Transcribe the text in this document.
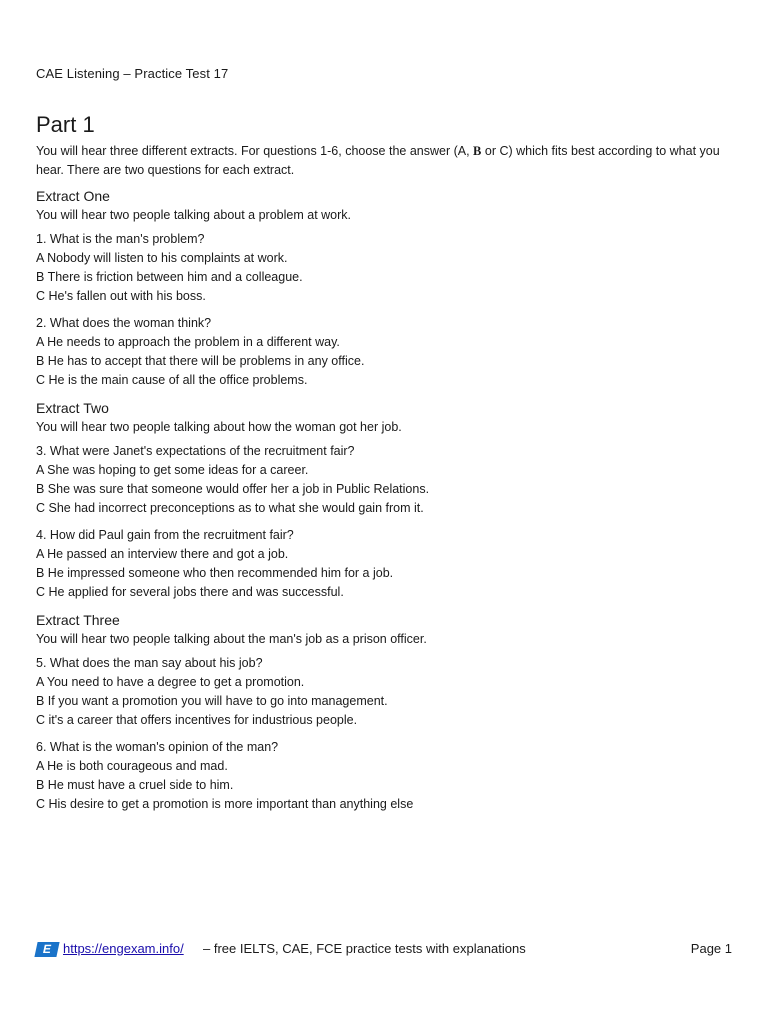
CAE Listening – Practice Test 17
Part 1
You will hear three different extracts. For questions 1-6, choose the answer (A, B or C) which fits best according to what you hear. There are two questions for each extract.
Extract One
You will hear two people talking about a problem at work.
1. What is the man's problem?
A Nobody will listen to his complaints at work.
B There is friction between him and a colleague.
C He's fallen out with his boss.
2. What does the woman think?
A He needs to approach the problem in a different way.
B He has to accept that there will be problems in any office.
C He is the main cause of all the office problems.
Extract Two
You will hear two people talking about how the woman got her job.
3. What were Janet's expectations of the recruitment fair?
A She was hoping to get some ideas for a career.
B She was sure that someone would offer her a job in Public Relations.
C She had incorrect preconceptions as to what she would gain from it.
4. How did Paul gain from the recruitment fair?
A He passed an interview there and got a job.
B He impressed someone who then recommended him for a job.
C He applied for several jobs there and was successful.
Extract Three
You will hear two people talking about the man's job as a prison officer.
5. What does the man say about his job?
A You need to have a degree to get a promotion.
B If you want a promotion you will have to go into management.
C it's a career that offers incentives for industrious people.
6. What is the woman's opinion of the man?
A He is both courageous and mad.
B He must have a cruel side to him.
C His desire to get a promotion is more important than anything else
E https://engexam.info/ – free IELTS, CAE, FCE practice tests with explanations	Page 1
